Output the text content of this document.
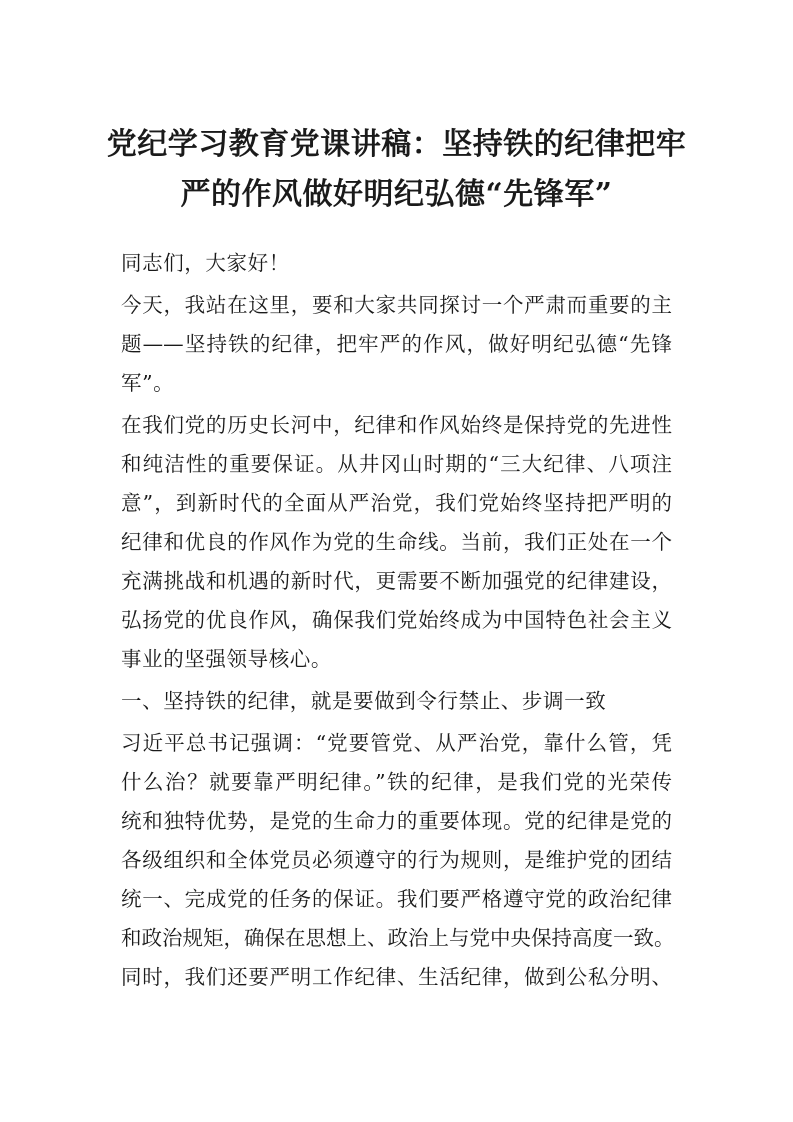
党纪学习教育党课讲稿：坚持铁的纪律把牢
严的作风做好明纪弘德“先锋军”
同志们，大家好！
今天，我站在这里，要和大家共同探讨一个严肃而重要的主
题——坚持铁的纪律，把牢严的作风，做好明纪弘德“先锋
军”。
在我们党的历史长河中，纪律和作风始终是保持党的先进性
和纯洁性的重要保证。从井冈山时期的“三大纪律、八项注
意”，到新时代的全面从严治党，我们党始终坚持把严明的
纪律和优良的作风作为党的生命线。当前，我们正处在一个
充满挑战和机遇的新时代，更需要不断加强党的纪律建设，
弘扬党的优良作风，确保我们党始终成为中国特色社会主义
事业的坚强领导核心。
一、坚持铁的纪律，就是要做到令行禁止、步调一致
习近平总书记强调：“党要管党、从严治党，靠什么管，凭
什么治？就要靠严明纪律。”铁的纪律，是我们党的光荣传
统和独特优势，是党的生命力的重要体现。党的纪律是党的
各级组织和全体党员必须遵守的行为规则，是维护党的团结
统一、完成党的任务的保证。我们要严格遵守党的政治纪律
和政治规矩，确保在思想上、政治上与党中央保持高度一致。
同时，我们还要严明工作纪律、生活纪律，做到公私分明、
